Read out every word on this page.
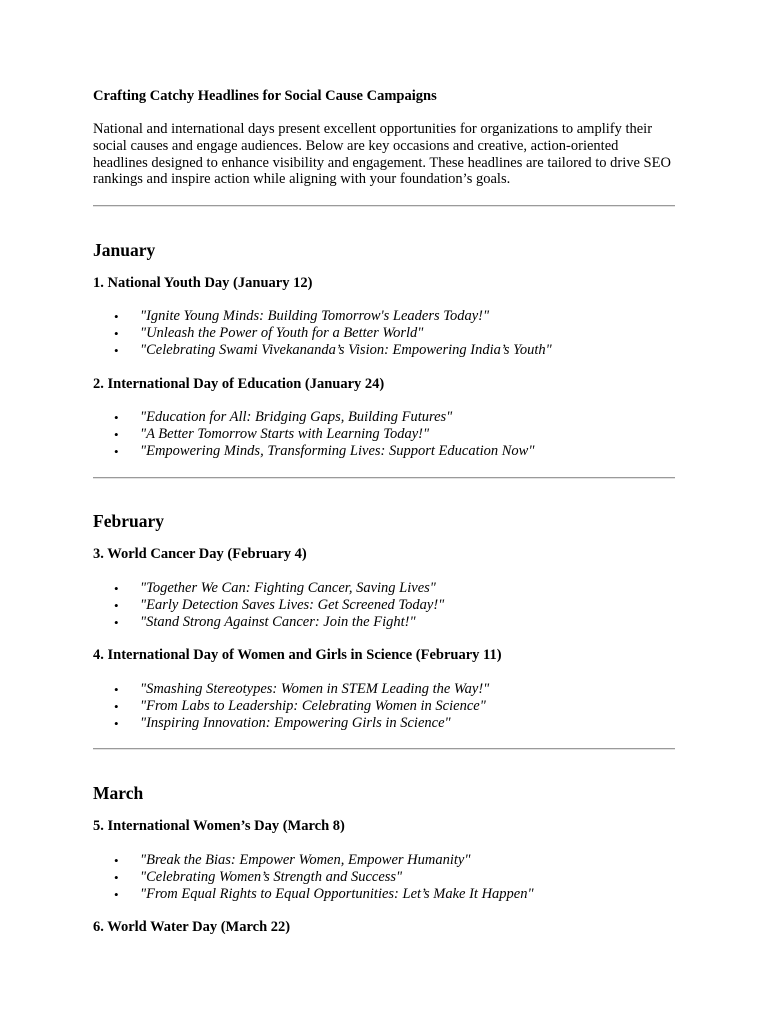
Crafting Catchy Headlines for Social Cause Campaigns

National and international days present excellent opportunities for organizations to amplify their social causes and engage audiences. Below are key occasions and creative, action-oriented headlines designed to enhance visibility and engagement. These headlines are tailored to drive SEO rankings and inspire action while aligning with your foundation’s goals.

January
1. National Youth Day (January 12)
• "Ignite Young Minds: Building Tomorrow's Leaders Today!"
• "Unleash the Power of Youth for a Better World"
• "Celebrating Swami Vivekananda’s Vision: Empowering India’s Youth"
2. International Day of Education (January 24)
• "Education for All: Bridging Gaps, Building Futures"
• "A Better Tomorrow Starts with Learning Today!"
• "Empowering Minds, Transforming Lives: Support Education Now"
February
3. World Cancer Day (February 4)
• "Together We Can: Fighting Cancer, Saving Lives"
• "Early Detection Saves Lives: Get Screened Today!"
• "Stand Strong Against Cancer: Join the Fight!"
4. International Day of Women and Girls in Science (February 11)
• "Smashing Stereotypes: Women in STEM Leading the Way!"
• "From Labs to Leadership: Celebrating Women in Science"
• "Inspiring Innovation: Empowering Girls in Science"
March
5. International Women’s Day (March 8)
• "Break the Bias: Empower Women, Empower Humanity"
• "Celebrating Women’s Strength and Success"
• "From Equal Rights to Equal Opportunities: Let’s Make It Happen"
6. World Water Day (March 22)
